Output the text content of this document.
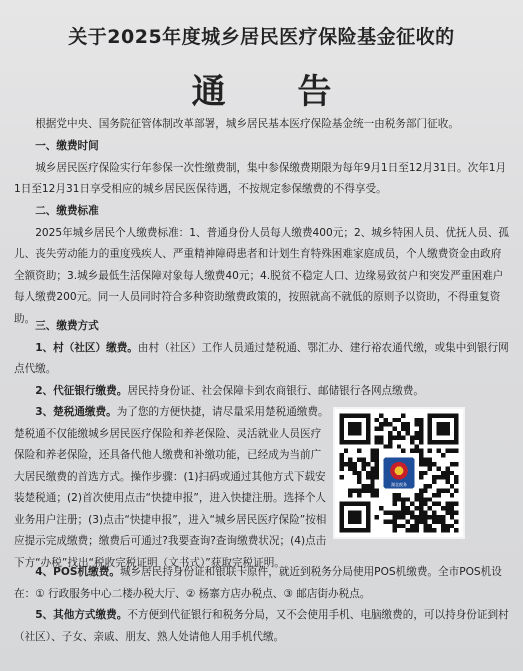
关于2025年度城乡居民医疗保险基金征收的
通 告

根据党中央、国务院征管体制改革部署，城乡居民基本医疗保险基金统一由税务部门征收。

一、缴费时间

城乡居民医疗保险实行年参保一次性缴费制，集中参保缴费期限为每年9月1日至12月31日。次年1月1日至12月31日享受相应的城乡居民医保待遇，不按规定参保缴费的不得享受。

二、缴费标准

2025年城乡居民个人缴费标准：1、普通身份人员每人缴费400元；2、城乡特困人员、优抚人员、孤儿、丧失劳动能力的重度残疾人、严重精神障碍患者和计划生育特殊困难家庭成员，个人缴费资金由政府全额资助；3.城乡最低生活保障对象每人缴费40元；4.脱贫不稳定人口、边缘易致贫户和突发严重困难户每人缴费200元。同一人员同时符合多种资助缴费政策的，按照就高不就低的原则予以资助，不得重复资助。

三、缴费方式

1、村（社区）缴费。由村（社区）工作人员通过楚税通、鄂汇办、建行裕农通代缴，或集中到银行网点代缴。

2、代征银行缴费。居民持身份证、社会保障卡到农商银行、邮储银行各网点缴费。

3、楚税通缴费。为了您的方便快捷，请尽量采用楚税通缴费。楚税通不仅能缴城乡居民医疗保险和养老保险、灵活就业人员医疗保险和养老保险，还具备代他人缴费和补缴功能，已经成为当前广大居民缴费的首选方式。操作步骤：(1)扫码或通过其他方式下载安装楚税通；(2)首次使用点击“快捷申报”，进入快捷注册。选择个人业务用户注册；(3)点击“快捷申报”，进入“城乡居民医疗保险”按相应提示完成缴费；缴费后可通过?我要查询?查询缴费状况；(4)点击下方“办税”找出“税收完税证明（文书式）”获取完税证明。

4、POS机缴费。城乡居民持身份证和银联卡原件，就近到税务分局使用POS机缴费。全市POS机设在：① 行政服务中心二楼办税大厅、② 杨寨方店办税点、③ 邮店街办税点。

5、其他方式缴费。不方便到代征银行和税务分局，又不会使用手机、电脑缴费的，可以持身份证到村（社区）、子女、亲戚、朋友、熟人处请他人用手机代缴。
